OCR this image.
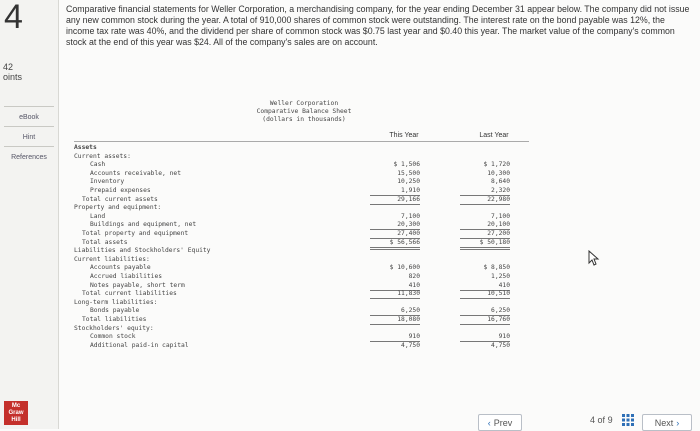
4
42
oints
eBook
Hint
References
Mc
Graw
Hill
Comparative financial statements for Weller Corporation, a merchandising company, for the year ending December 31 appear below. The company did not issue any new common stock during the year. A total of 910,000 shares of common stock were outstanding. The interest rate on the bond payable was 12%, the income tax rate was 40%, and the dividend per share of common stock was $0.75 last year and $0.40 this year. The market value of the company's common stock at the end of this year was $24. All of the company's sales are on account.
Weller Corporation
Comparative Balance Sheet
(dollars in thousands)
This Year	Last Year
Assets
Current assets:
Cash	$ 1,506	$ 1,720
Accounts receivable, net	15,500	10,300
Inventory	10,250	8,640
Prepaid expenses	1,910	2,320
Total current assets	29,166	22,980
Property and equipment:
Land	7,100	7,100
Buildings and equipment, net	20,300	20,100
Total property and equipment	27,400	27,200
Total assets	$ 56,566	$ 50,180
Liabilities and Stockholders' Equity
Current liabilities:
Accounts payable	$ 10,600	$ 8,850
Accrued liabilities	820	1,250
Notes payable, short term	410	410
Total current liabilities	11,830	10,510
Long-term liabilities:
Bonds payable	6,250	6,250
Total liabilities	18,080	16,760
Stockholders' equity:
Common stock	910	910
Additional paid-in capital	4,750	4,750
‹ Prev	4 of 9	Next ›
